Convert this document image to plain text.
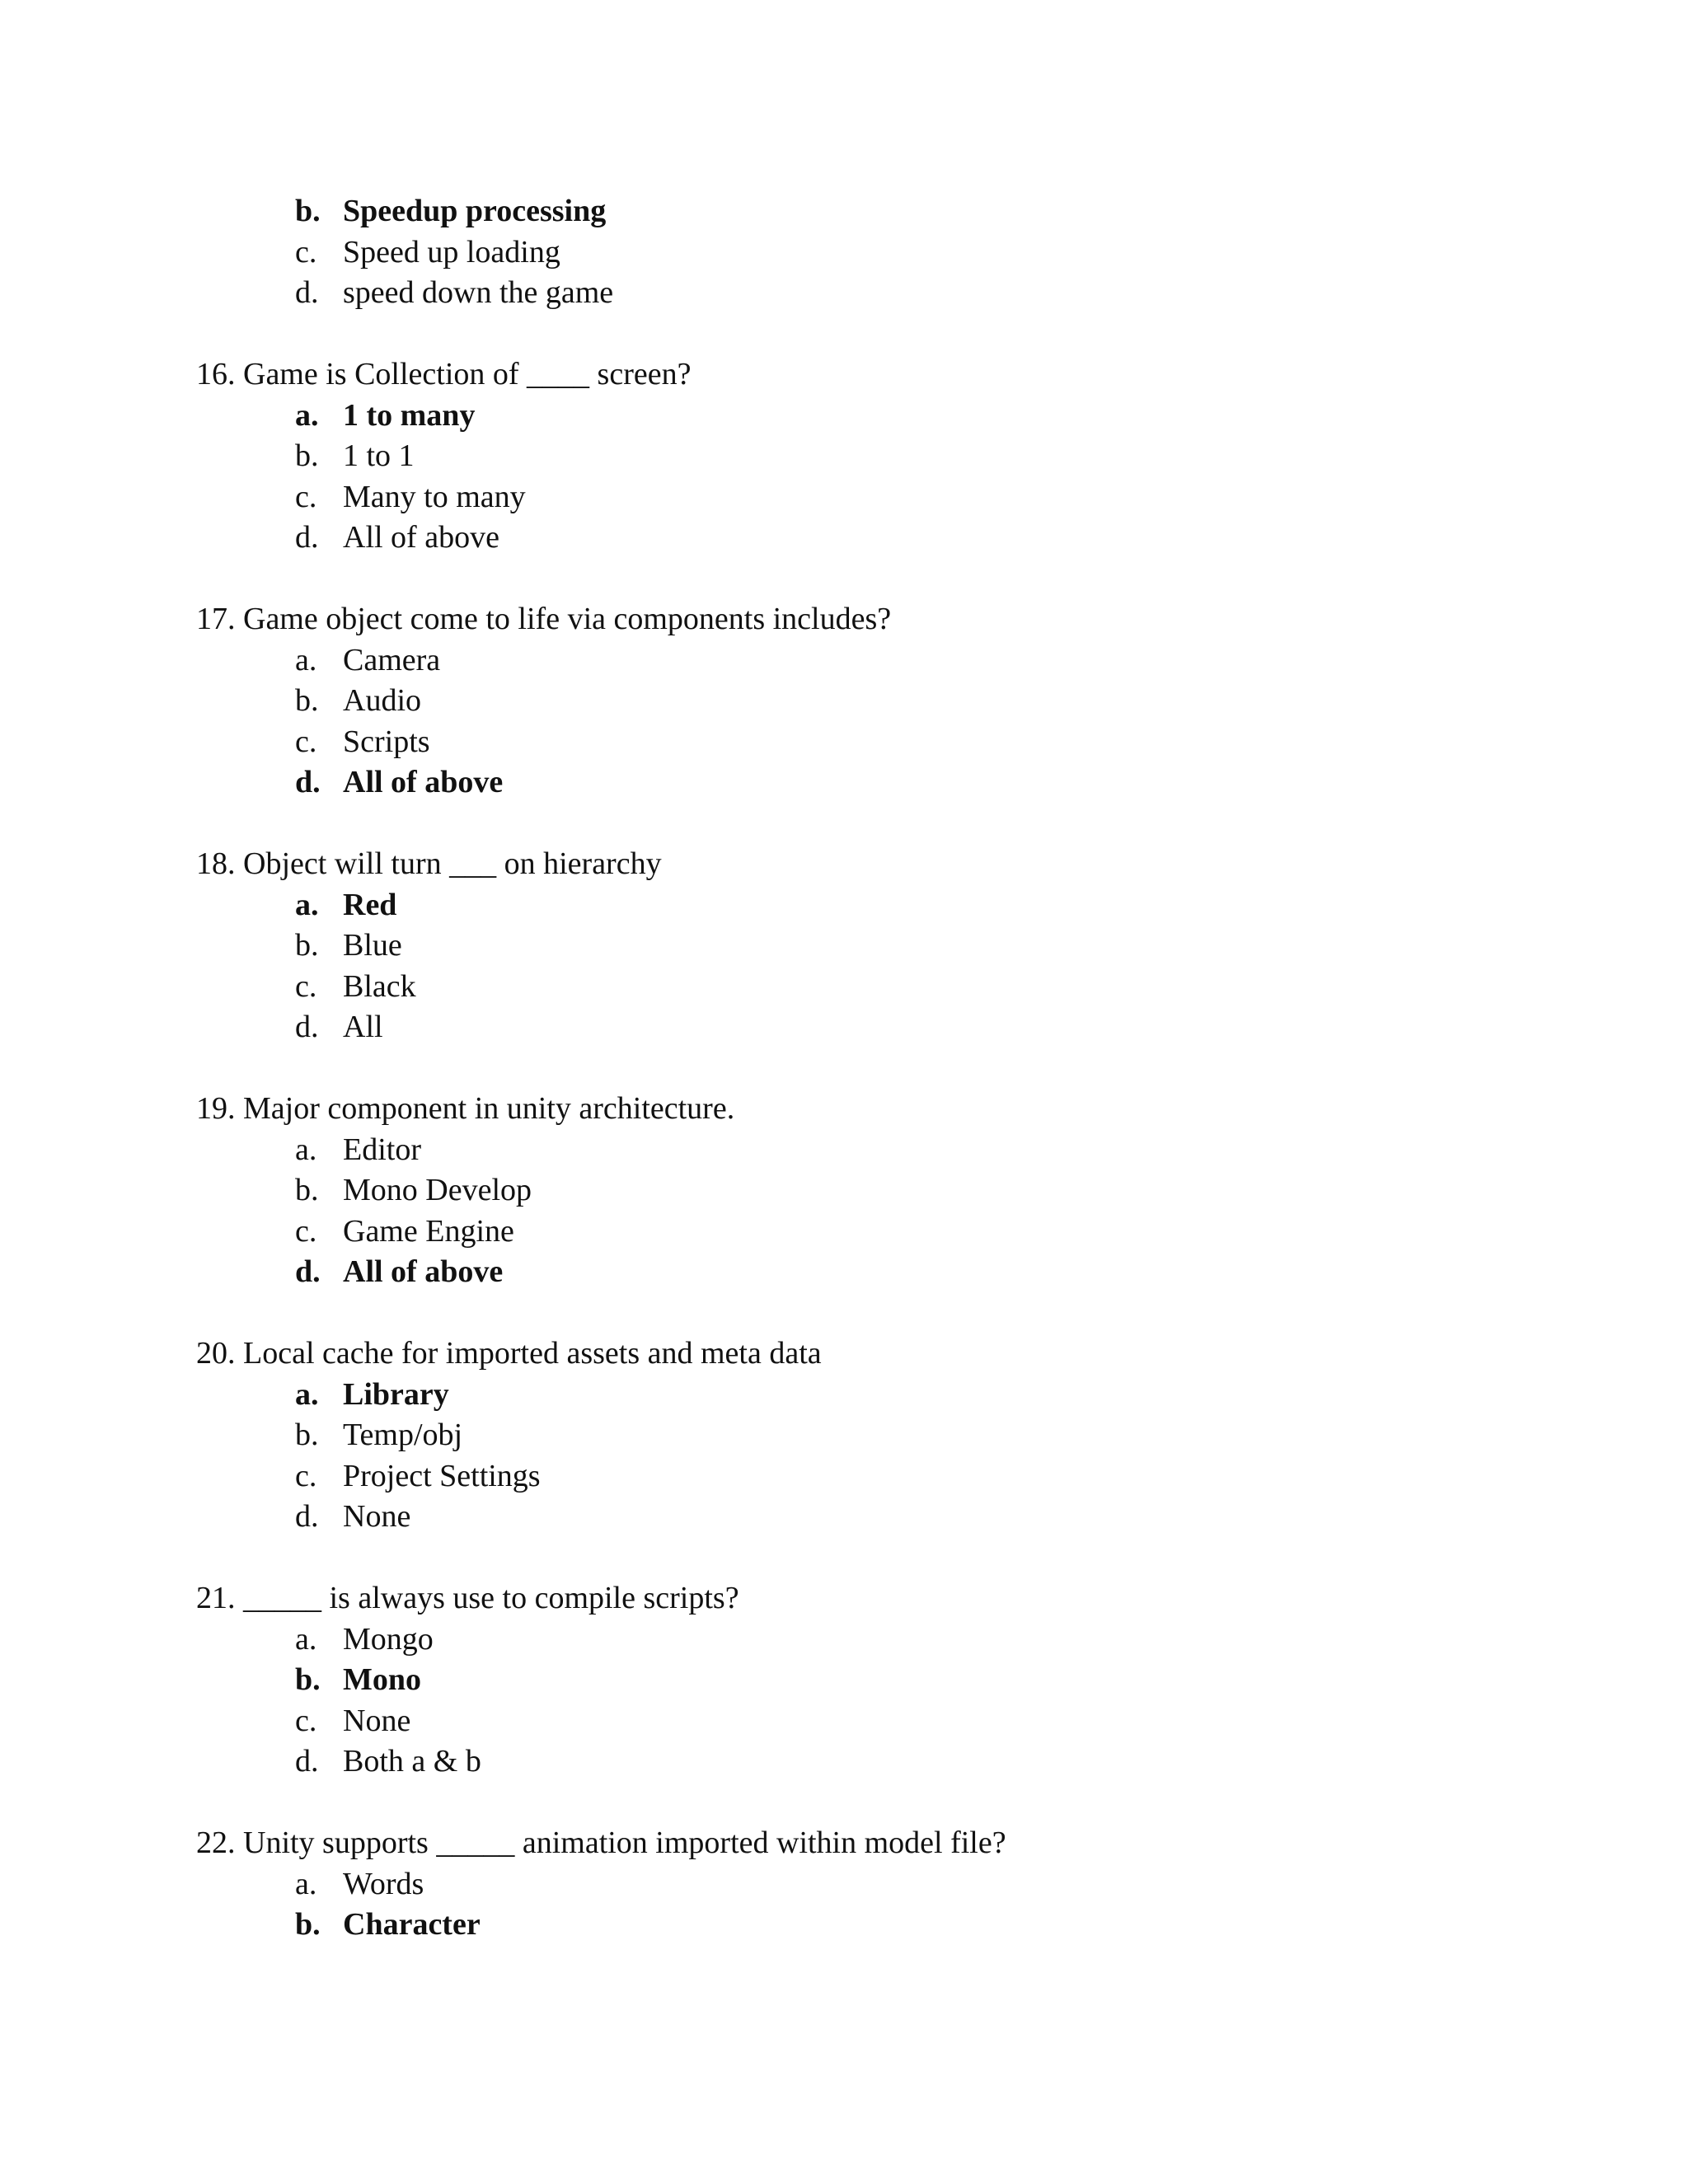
b. Speedup processing
c. Speed up loading
d. speed down the game
16. Game is Collection of ____ screen?
a. 1 to many
b. 1 to 1
c. Many to many
d. All of above
17. Game object come to life via components includes?
a. Camera
b. Audio
c. Scripts
d. All of above
18. Object will turn ___ on hierarchy
a. Red
b. Blue
c. Black
d. All
19. Major component in unity architecture.
a. Editor
b. Mono Develop
c. Game Engine
d. All of above
20. Local cache for imported assets and meta data
a. Library
b. Temp/obj
c. Project Settings
d. None
21. _____ is always use to compile scripts?
a. Mongo
b. Mono
c. None
d. Both a & b
22. Unity supports _____ animation imported within model file?
a. Words
b. Character
